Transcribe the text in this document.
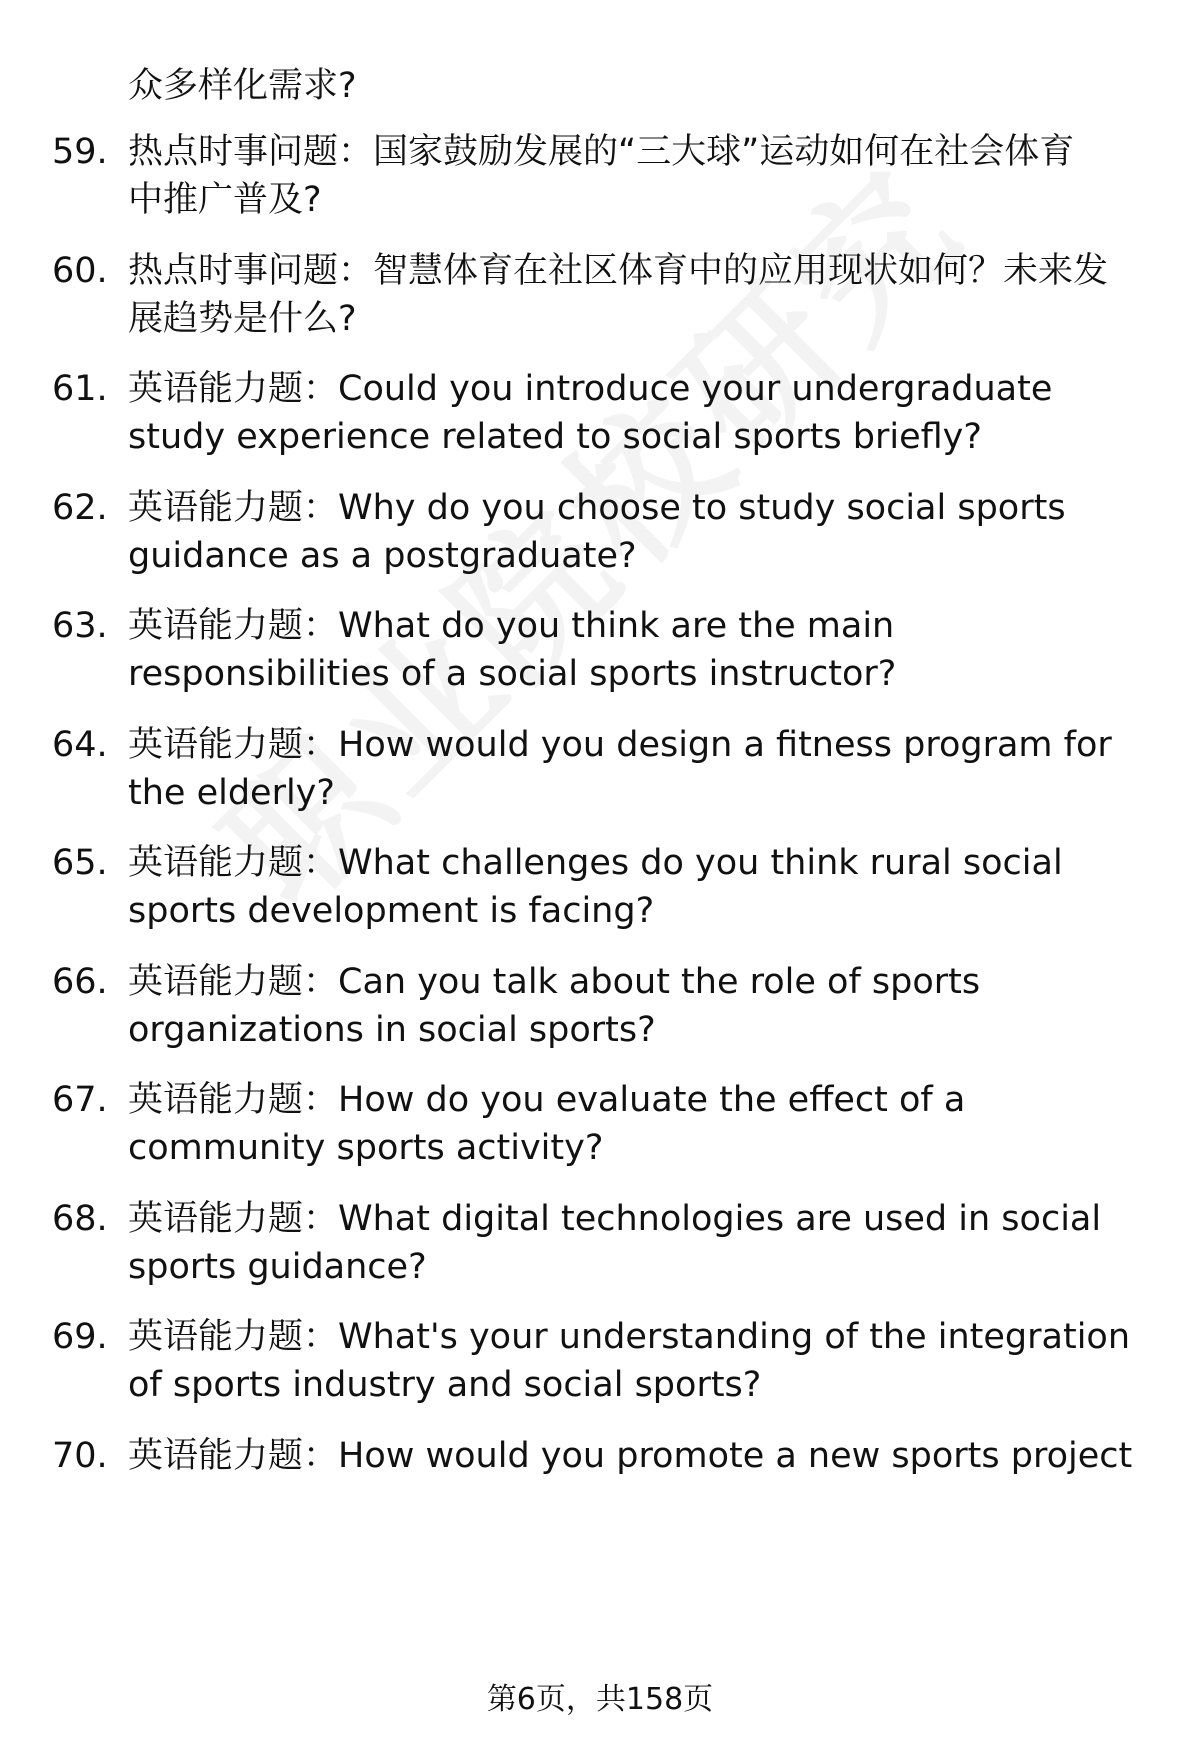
众多样化需求?
59. 热点时事问题：国家鼓励发展的“三大球”运动如何在社会体育
中推广普及?
60. 热点时事问题：智慧体育在社区体育中的应用现状如何？未来发
展趋势是什么?
61. 英语能力题：Could you introduce your undergraduate
study experience related to social sports briefly?
62. 英语能力题：Why do you choose to study social sports
guidance as a postgraduate?
63. 英语能力题：What do you think are the main
responsibilities of a social sports instructor?
64. 英语能力题：How would you design a fitness program for
the elderly?
65. 英语能力题：What challenges do you think rural social
sports development is facing?
66. 英语能力题：Can you talk about the role of sports
organizations in social sports?
67. 英语能力题：How do you evaluate the effect of a
community sports activity?
68. 英语能力题：What digital technologies are used in social
sports guidance?
69. 英语能力题：What's your understanding of the integration
of sports industry and social sports?
70. 英语能力题：How would you promote a new sports project
第6页，共158页
